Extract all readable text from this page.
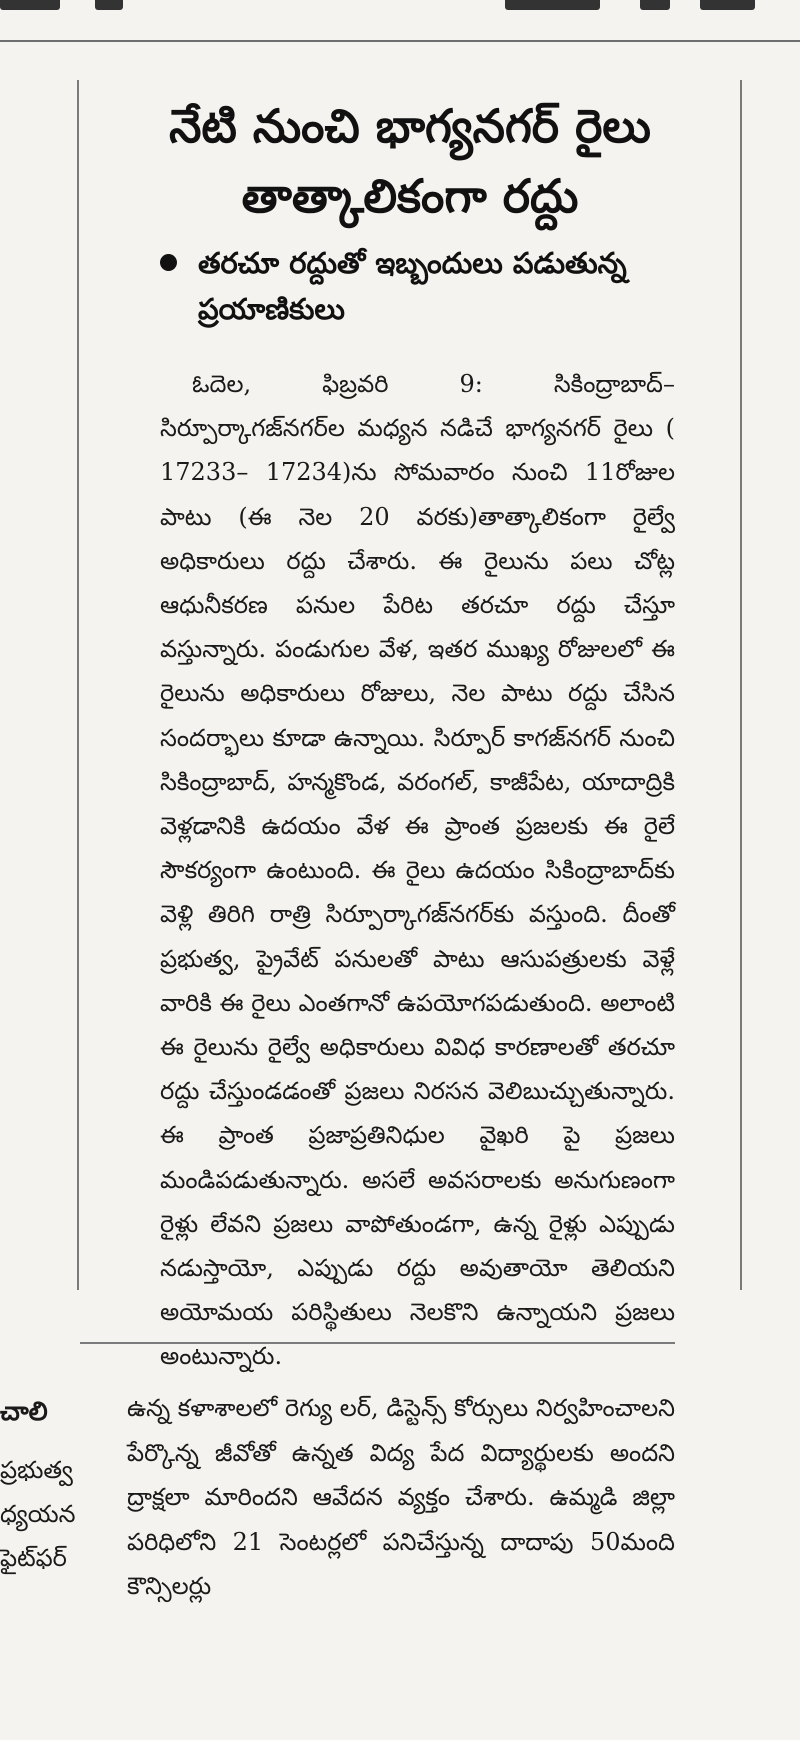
నేటి నుంచి భాగ్యనగర్ రైలు
తాత్కాలికంగా రద్దు
తరచూ రద్దుతో ఇబ్బందులు పడుతున్న ప్రయాణికులు

ఓదెల, ఫిబ్రవరి 9: సికింద్రాబాద్– సిర్పూర్కాగజ్‌నగర్‌ల మధ్యన నడిచే భాగ్యనగర్ రైలు ( 17233– 17234)ను సోమవారం నుంచి 11రోజుల పాటు (ఈ నెల 20 వరకు)తాత్కాలికంగా రైల్వే అధికారులు రద్దు చేశారు. ఈ రైలును పలు చోట్ల ఆధునీకరణ పనుల పేరిట తరచూ రద్దు చేస్తూ వస్తున్నారు. పండుగుల వేళ, ఇతర ముఖ్య రోజులలో ఈ రైలును అధికారులు రోజులు, నెల పాటు రద్దు చేసిన సందర్భాలు కూడా ఉన్నాయి. సిర్పూర్ కాగజ్‌నగర్ నుంచి సికింద్రాబాద్, హన్మకొండ, వరంగల్, కాజీపేట, యాదాద్రికి వెళ్లడానికి ఉదయం వేళ ఈ ప్రాంత ప్రజలకు ఈ రైలే సౌకర్యంగా ఉంటుంది. ఈ రైలు ఉదయం సికింద్రాబాద్‌కు వెళ్లి తిరిగి రాత్రి సిర్పూర్కాగజ్‌నగర్‌కు వస్తుంది. దీంతో ప్రభుత్వ, ప్రైవేట్ పనులతో పాటు ఆసుపత్రులకు వెళ్లే వారికి ఈ రైలు ఎంతగానో ఉపయోగపడుతుంది. అలాంటి ఈ రైలును రైల్వే అధికారులు వివిధ కారణాలతో తరచూ రద్దు చేస్తుండడంతో ప్రజలు నిరసన వెలిబుచ్చుతున్నారు. ఈ ప్రాంత ప్రజాప్రతినిధుల వైఖరి పై ప్రజలు మండిపడుతున్నారు. అసలే అవసరాలకు అనుగుణంగా రైళ్లు లేవని ప్రజలు వాపోతుండగా, ఉన్న రైళ్లు ఎప్పుడు నడుస్తాయో, ఎప్పుడు రద్దు అవుతాయో తెలియని అయోమయ పరిస్థితులు నెలకొని ఉన్నాయని ప్రజలు అంటున్నారు.

చాలి
ప్రభుత్వ
ధ్యయన
ఫైట్‌ఫర్

ఉన్న కళాశాలలో రెగ్యు లర్, డిస్టెన్స్ కోర్సులు నిర్వహించాలని పేర్కొన్న జీవోతో ఉన్నత విద్య పేద విద్యార్థులకు అందని ద్రాక్షలా మారిందని ఆవేదన వ్యక్తం చేశారు. ఉమ్మడి జిల్లా పరిధిలోని 21 సెంటర్లలో పనిచేస్తున్న దాదాపు 50మంది కౌన్సిలర్లు
